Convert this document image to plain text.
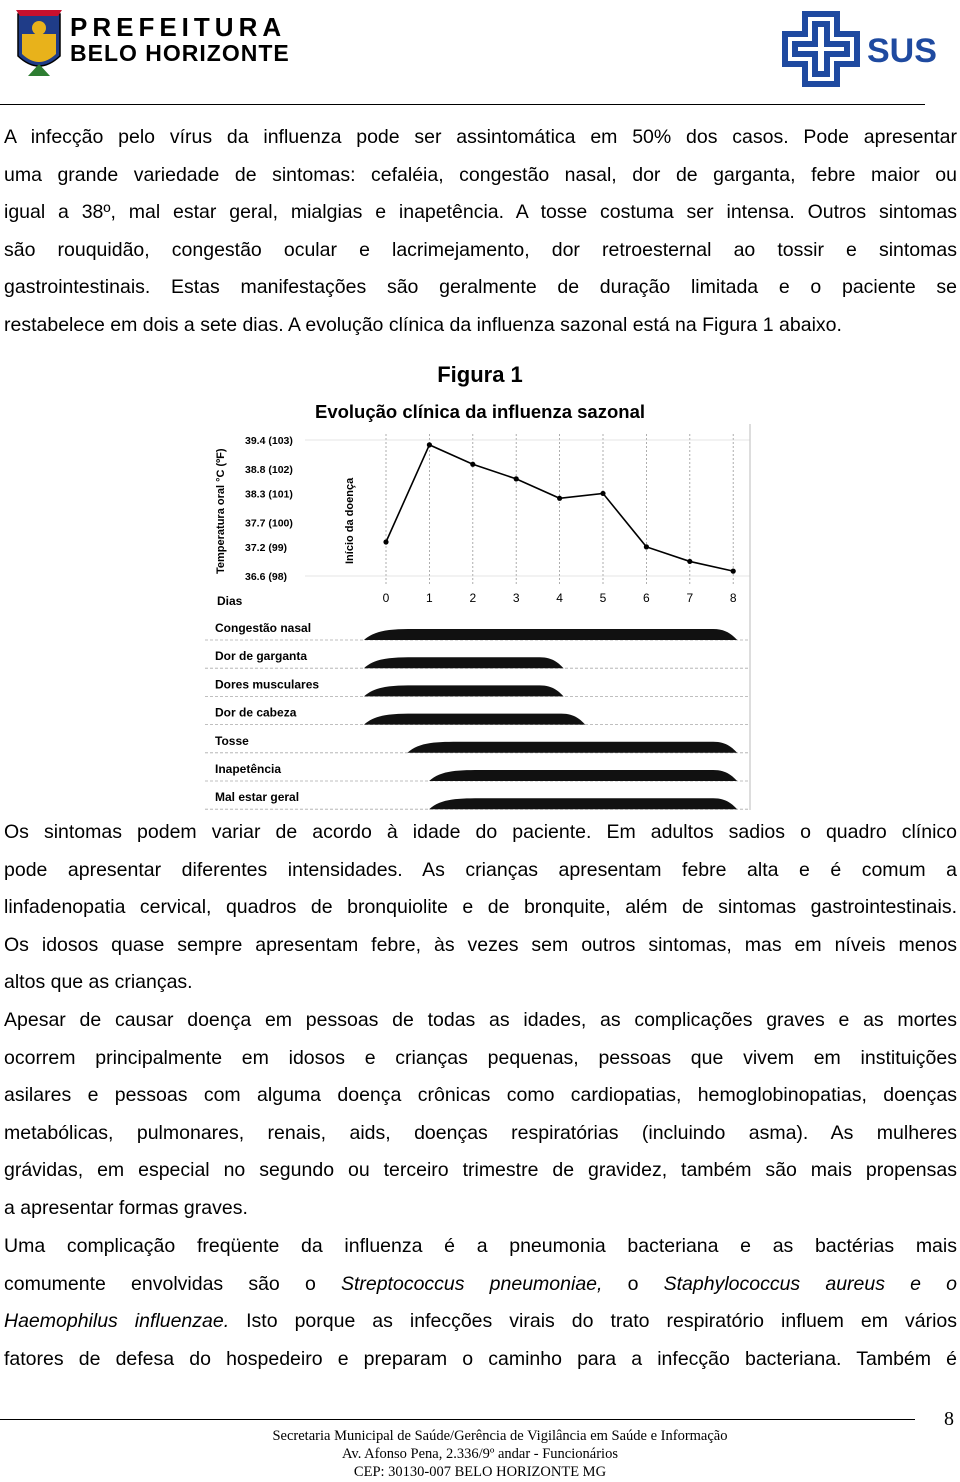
PREFEITURA
BELO HORIZONTE	SUS
A infecção pelo vírus da influenza pode ser assintomática em 50% dos casos. Pode apresentar
uma grande variedade de sintomas: cefaléia, congestão nasal, dor de garganta, febre maior ou
igual a 38º, mal estar geral, mialgias e inapetência. A tosse costuma ser intensa. Outros sintomas
são rouquidão, congestão ocular e lacrimejamento, dor retroesternal ao tossir e sintomas
gastrointestinais. Estas manifestações são geralmente de duração limitada e o paciente se
restabelece em dois a sete dias. A evolução clínica da influenza sazonal está na Figura 1 abaixo.
Figura 1
Evolução clínica da influenza sazonal
Temperatura oral °C (ºF)	Início da doença
Dias
39.4 (103)
38.8 (102)
38.3 (101)
37.7 (100)
37.2 (99)
36.6 (98)
0	1	2	3	4	5	6	7	8
Congestão nasal
Dor de garganta
Dores musculares
Dor de cabeza
Tosse
Inapetência
Mal estar geral
Os sintomas podem variar de acordo à idade do paciente. Em adultos sadios o quadro clínico
pode apresentar diferentes intensidades. As crianças apresentam febre alta e é comum a
linfadenopatia cervical, quadros de bronquiolite e de bronquite, além de sintomas gastrointestinais.
Os idosos quase sempre apresentam febre, às vezes sem outros sintomas, mas em níveis menos
altos que as crianças.
Apesar de causar doença em pessoas de todas as idades, as complicações graves e as mortes
ocorrem principalmente em idosos e crianças pequenas, pessoas que vivem em instituições
asilares e pessoas com alguma doença crônicas como cardiopatias, hemoglobinopatias, doenças
metabólicas, pulmonares, renais, aids, doenças respiratórias (incluindo asma). As mulheres
grávidas, em especial no segundo ou terceiro trimestre de gravidez, também são mais propensas
a apresentar formas graves.
Uma complicação freqüente da influenza é a pneumonia bacteriana e as bactérias mais
comumente envolvidas são o Streptococcus pneumoniae, o Staphylococcus aureus e o
Haemophilus influenzae. Isto porque as infecções virais do trato respiratório influem em vários
fatores de defesa do hospedeiro e preparam o caminho para a infecção bacteriana. Também é
8
Secretaria Municipal de Saúde/Gerência de Vigilância em Saúde e Informação
Av. Afonso Pena, 2.336/9º andar - Funcionários
CEP: 30130-007 BELO HORIZONTE MG
